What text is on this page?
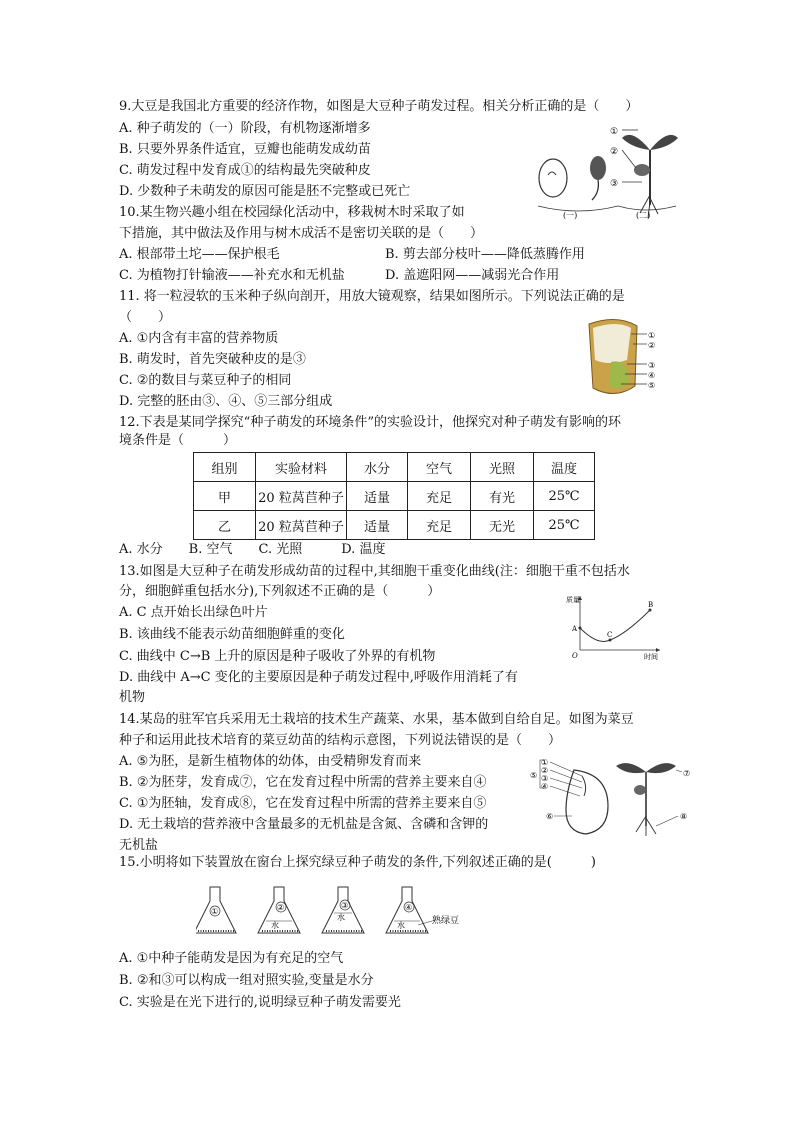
9.大豆是我国北方重要的经济作物，如图是大豆种子萌发过程。相关分析正确的是（　　）
A. 种子萌发的（一）阶段，有机物逐渐增多
B. 只要外界条件适宜，豆瓣也能萌发成幼苗
C. 萌发过程中发育成①的结构最先突破种皮
D. 少数种子未萌发的原因可能是胚不完整或已死亡
①
②
③
(一)	(二)
10.某生物兴趣小组在校园绿化活动中，移栽树木时采取了如
下措施，其中做法及作用与树木成活不是密切关联的是（　　）
A. 根部带土坨——保护根毛	B. 剪去部分枝叶——降低蒸腾作用
C. 为植物打针输液——补充水和无机盐	D. 盖遮阳网——减弱光合作用
11. 将一粒浸软的玉米种子纵向剖开，用放大镜观察，结果如图所示。下列说法正确的是
（　　）
A. ①内含有丰富的营养物质
B. 萌发时，首先突破种皮的是③
C. ②的数目与菜豆种子的相同
D. 完整的胚由③、④、⑤三部分组成
①
②
③
④
⑤
12.下表是某同学探究“种子萌发的环境条件”的实验设计，他探究对种子萌发有影响的环
境条件是（　　　）
组别	实验材料	水分	空气	光照	温度
甲	20 粒莴苣种子	适量	充足	有光	25℃
乙	20 粒莴苣种子	适量	充足	无光	25℃
A. 水分　　B. 空气　　C. 光照　　　D. 温度
13.如图是大豆种子在萌发形成幼苗的过程中,其细胞干重变化曲线(注：细胞干重不包括水
分，细胞鲜重包括水分),下列叙述不正确的是（　　　）
A. C 点开始长出绿色叶片
B. 该曲线不能表示幼苗细胞鲜重的变化
C. 曲线中 C→B 上升的原因是种子吸收了外界的有机物
D. 曲线中 A→C 变化的主要原因是种子萌发过程中,呼吸作用消耗了有
机物
质量
时间
O
A
C
B
14.某岛的驻军官兵采用无土栽培的技术生产蔬菜、水果，基本做到自给自足。如图为菜豆
种子和运用此技术培育的菜豆幼苗的结构示意图，下列说法错误的是（　　）
A. ⑤为胚，是新生植物体的幼体，由受精卵发育而来
B. ②为胚芽，发育成⑦，它在发育过程中所需的营养主要来自④
C. ①为胚轴，发育成⑧，它在发育过程中所需的营养主要来自⑤
D. 无土栽培的营养液中含量最多的无机盐是含氮、含磷和含钾的
无机盐
①
②
③
④
⑤
⑥
⑦
⑧
15.小明将如下装置放在窗台上探究绿豆种子萌发的条件,下列叙述正确的是(　　　)
①	②
水
③
水
④
水	熟绿豆
A. ①中种子能萌发是因为有充足的空气
B. ②和③可以构成一组对照实验,变量是水分
C. 实验是在光下进行的,说明绿豆种子萌发需要光
